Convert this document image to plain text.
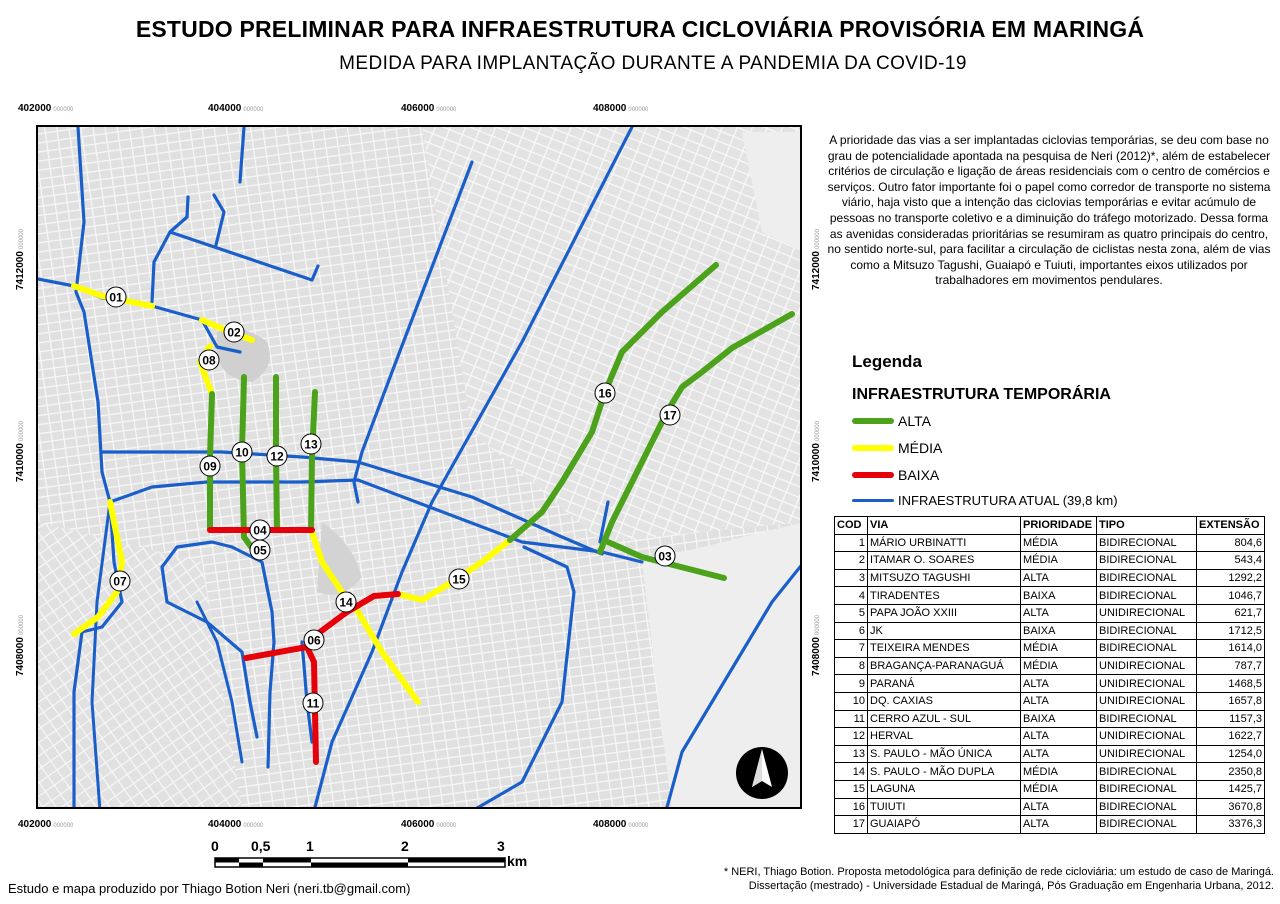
ESTUDO PRELIMINAR PARA INFRAESTRUTURA CICLOVIÁRIA PROVISÓRIA EM MARINGÁ
MEDIDA PARA IMPLANTAÇÃO DURANTE A PANDEMIA DA COVID-19
402000 000000	404000 000000	406000 000000	408000 000000
402000 000000	404000 000000	406000 000000	408000 000000
7412000000000
7410000000000
7408000000000
7412000000000
7410000000000
7408000000000
01
02
03
04
05
06
07
08
09
10
11
12
13
14
15
16
17
A prioridade das vias a ser implantadas ciclovias temporárias, se deu com base no grau de potencialidade apontada na pesquisa de Neri (2012)*, além de estabelecer critérios de circulação e ligação de áreas residenciais com o centro de comércios e serviços. Outro fator importante foi o papel como corredor de transporte no sistema viário, haja visto que a intenção das ciclovias temporárias e evitar acúmulo de pessoas no transporte coletivo e a diminuição do tráfego motorizado. Dessa forma as avenidas consideradas prioritárias se resumiram as quatro principais do centro, no sentido norte-sul, para facilitar a circulação de ciclistas nesta zona, além de vias como a Mitsuzo Tagushi, Guaiapó e Tuiuti, importantes eixos utilizados por trabalhadores em movimentos pendulares.
Legenda
INFRAESTRUTURA TEMPORÁRIA
ALTA
MÉDIA
BAIXA
INFRAESTRUTURA ATUAL (39,8 km)
COD	VIA	PRIORIDADE	TIPO	EXTENSÃO
1	MÁRIO URBINATTI	MÉDIA	BIDIRECIONAL	804,6
2	ITAMAR O. SOARES	MÉDIA	BIDIRECIONAL	543,4
3	MITSUZO TAGUSHI	ALTA	BIDIRECIONAL	1292,2
4	TIRADENTES	BAIXA	BIDIRECIONAL	1046,7
5	PAPA JOÃO XXIII	ALTA	UNIDIRECIONAL	621,7
6	JK	BAIXA	BIDIRECIONAL	1712,5
7	TEIXEIRA MENDES	MÉDIA	BIDIRECIONAL	1614,0
8	BRAGANÇA-PARANAGUÁ	MÉDIA	UNIDIRECIONAL	787,7
9	PARANÁ	ALTA	UNIDIRECIONAL	1468,5
10	DQ. CAXIAS	ALTA	UNIDIRECIONAL	1657,8
11	CERRO AZUL - SUL	BAIXA	BIDIRECIONAL	1157,3
12	HERVAL	ALTA	UNIDIRECIONAL	1622,7
13	S. PAULO - MÃO ÚNICA	ALTA	UNIDIRECIONAL	1254,0
14	S. PAULO - MÃO DUPLA	MÉDIA	BIDIRECIONAL	2350,8
15	LAGUNA	MÉDIA	BIDIRECIONAL	1425,7
16	TUIUTI	ALTA	BIDIRECIONAL	3670,8
17	GUAIAPÓ	ALTA	BIDIRECIONAL	3376,3
0 0,5	1	2	3
km
Estudo e mapa produzido por Thiago Botion Neri (neri.tb@gmail.com)
* NERI, Thiago Botion. Proposta metodológica para definição de rede cicloviária: um estudo de caso de Maringá.
Dissertação (mestrado) - Universidade Estadual de Maringá, Pós Graduação em Engenharia Urbana, 2012.
